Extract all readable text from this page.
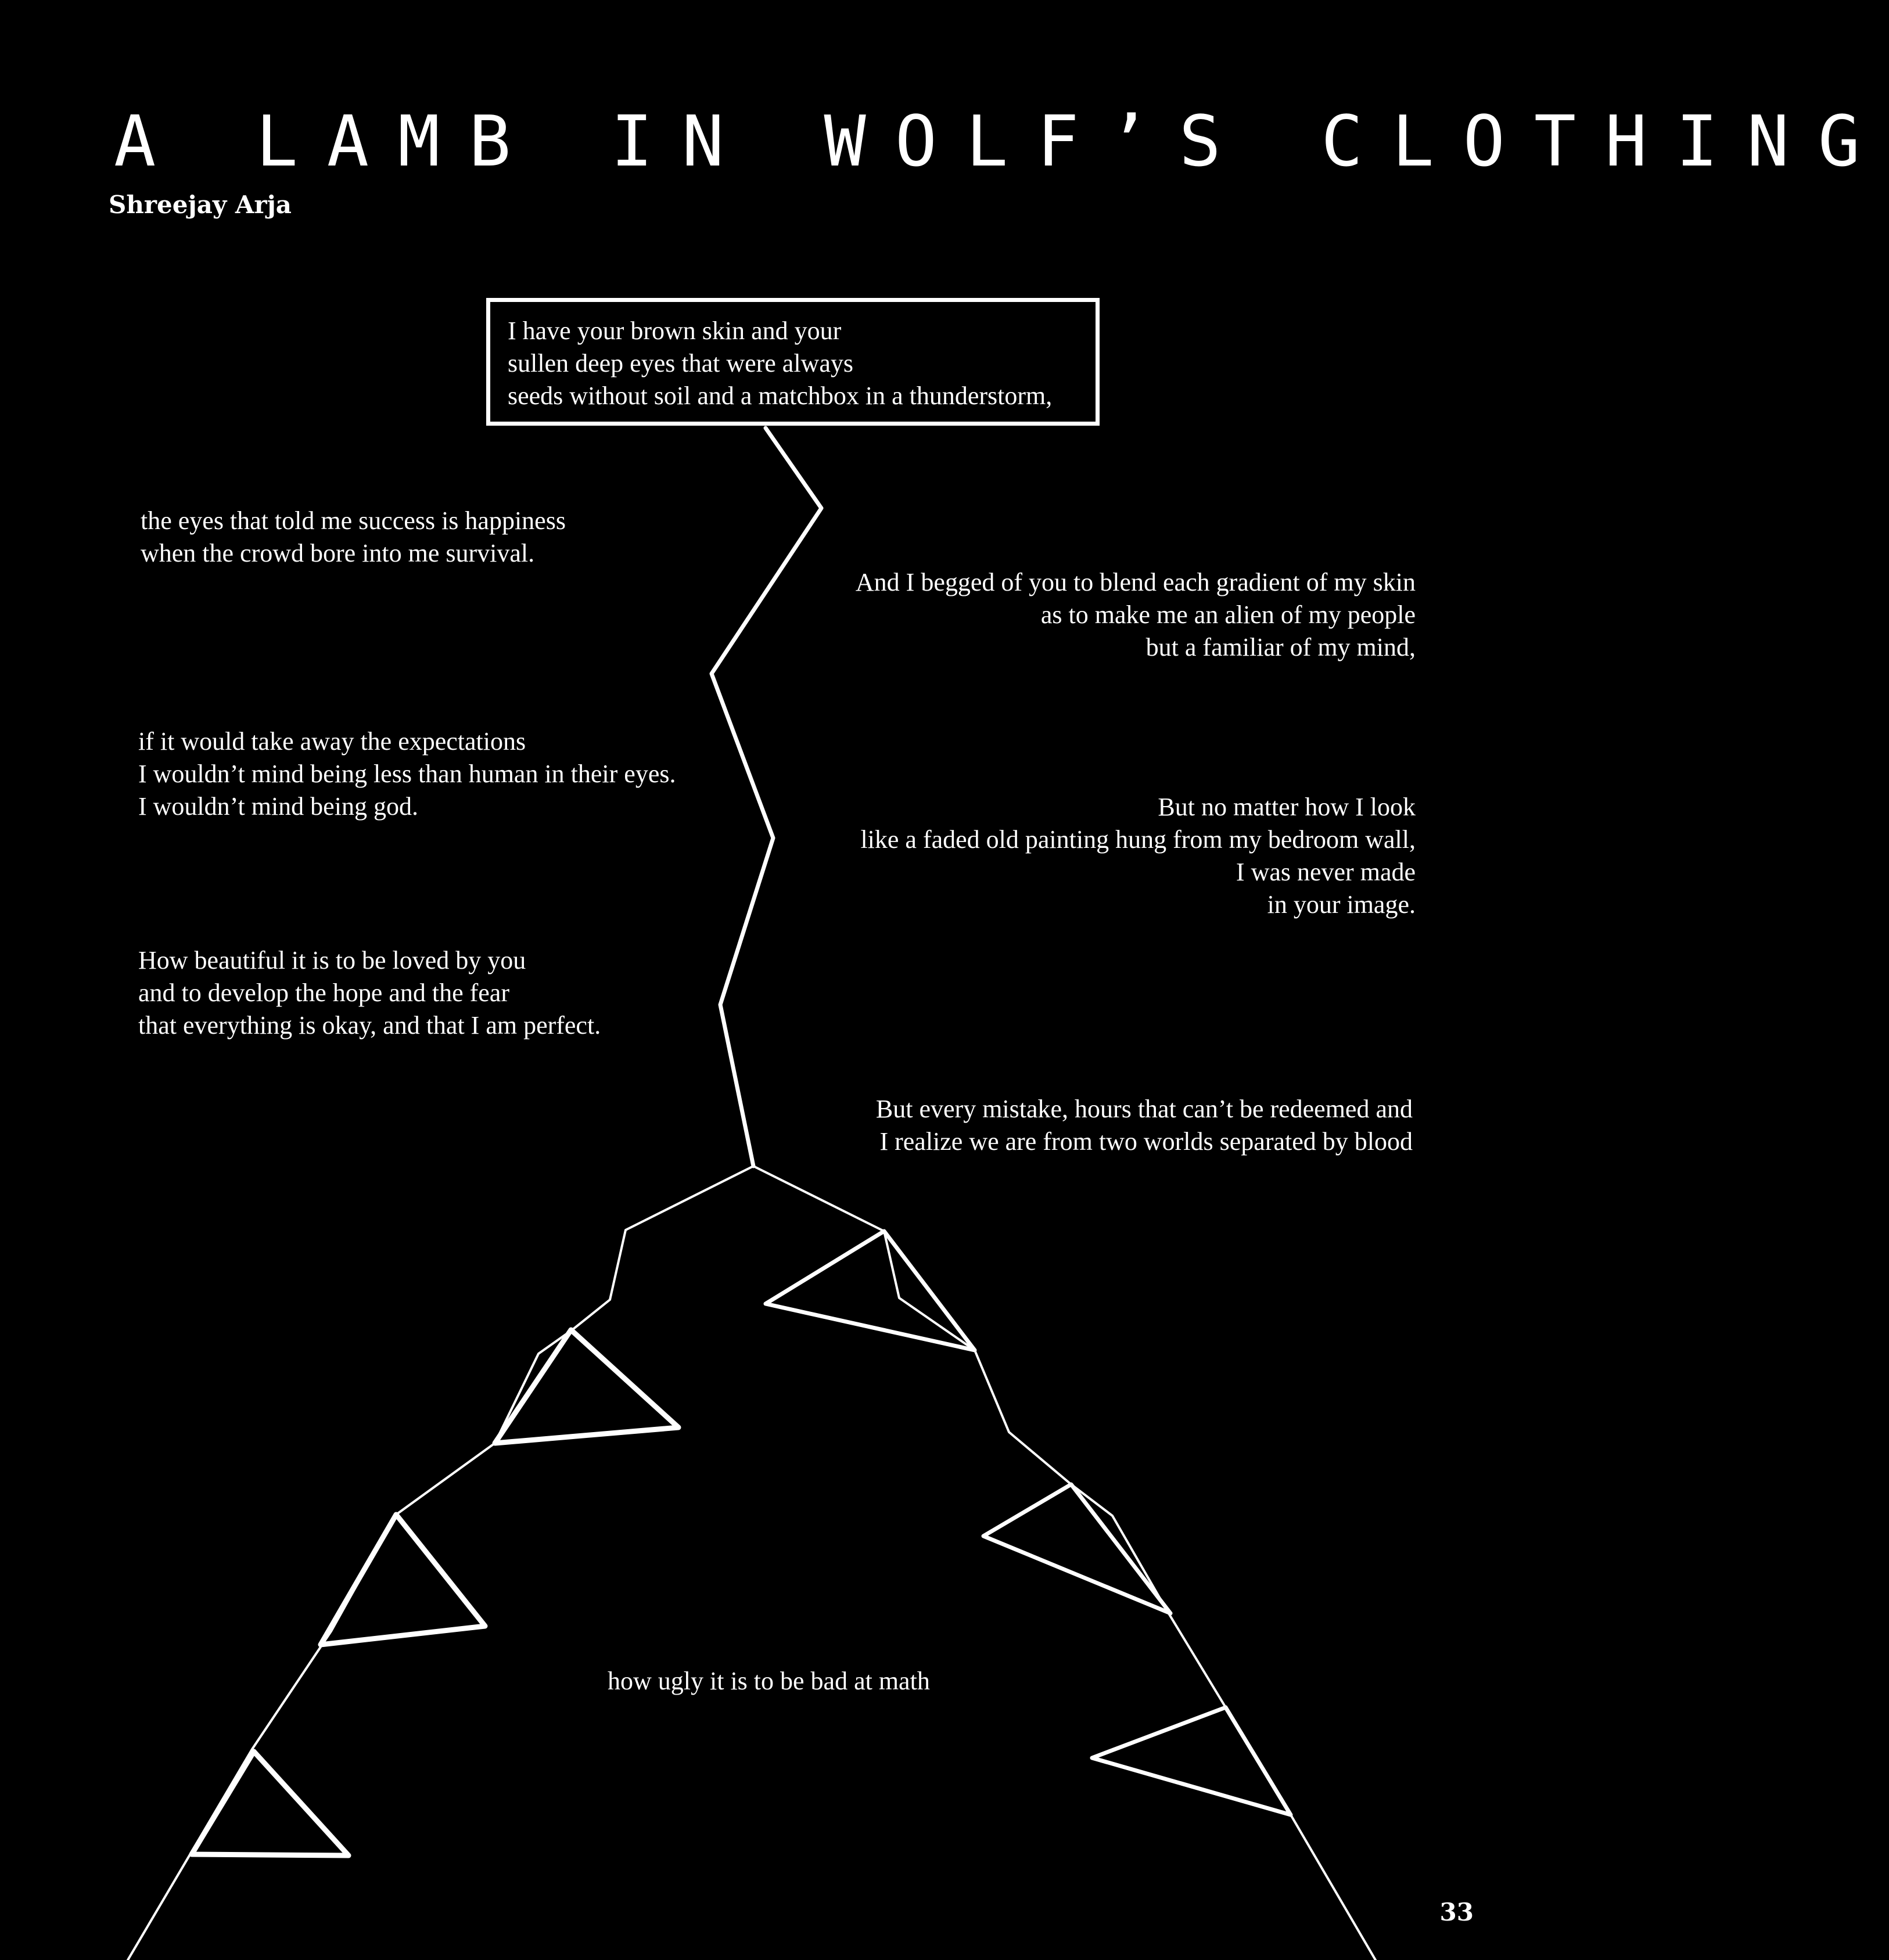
A LAMB IN WOLF’S CLOTHING
Shreejay Arja
I have your brown skin and your
sullen deep eyes that were always
seeds without soil and a matchbox in a thunderstorm,
the eyes that told me success is happiness
when the crowd bore into me survival.
And I begged of you to blend each gradient of my skin
as to make me an alien of my people
but a familiar of my mind,
if it would take away the expectations
I wouldn’t mind being less than human in their eyes.
I wouldn’t mind being god.	But no matter how I look
like a faded old painting hung from my bedroom wall,
I was never made
in your image.
How beautiful it is to be loved by you
and to develop the hope and the fear
that everything is okay, and that I am perfect.
But every mistake, hours that can’t be redeemed and
I realize we are from two worlds separated by blood
how ugly it is to be bad at math
33
